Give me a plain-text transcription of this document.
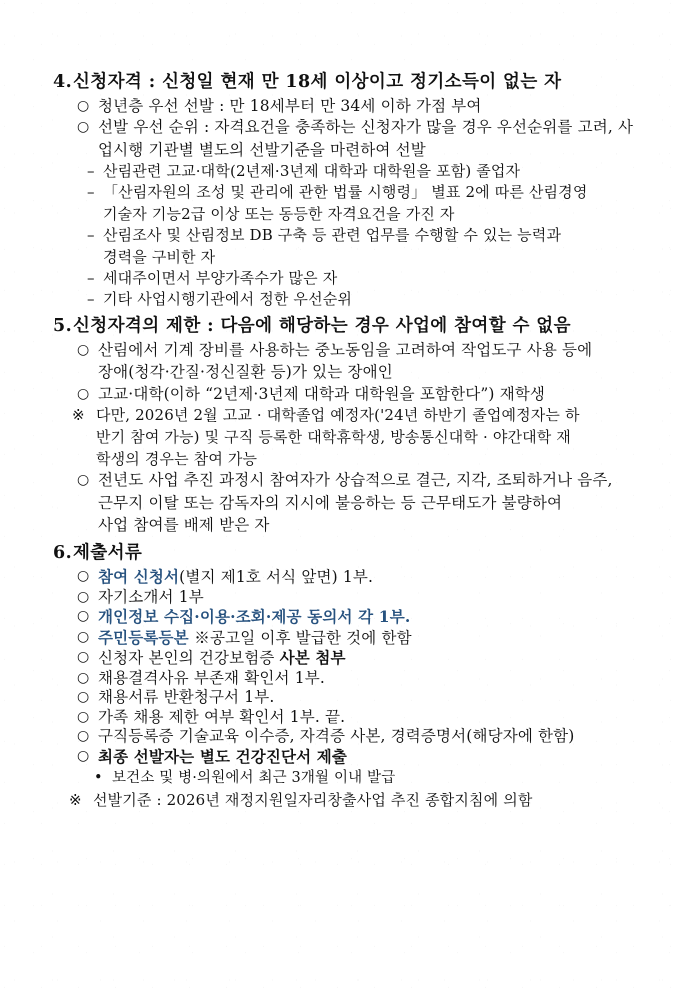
4. 신청자격 : 신청일 현재 만 18세 이상이고 정기소득이 없는 자
○ 청년층 우선 선발 : 만 18세부터 만 34세 이하 가점 부여
○ 선발 우선 순위 : 자격요건을 충족하는 신청자가 많을 경우 우선순위를 고려, 사
업시행 기관별 별도의 선발기준을 마련하여 선발
– 산림관련 고교·대학(2년제·3년제 대학과 대학원을 포함) 졸업자
– 「산림자원의 조성 및 관리에 관한 법률 시행령」 별표 2에 따른 산림경영
기술자 기능2급 이상 또는 동등한 자격요건을 가진 자
– 산림조사 및 산림정보 DB 구축 등 관련 업무를 수행할 수 있는 능력과
경력을 구비한 자
– 세대주이면서 부양가족수가 많은 자
– 기타 사업시행기관에서 정한 우선순위
5. 신청자격의 제한 : 다음에 해당하는 경우 사업에 참여할 수 없음
○ 산림에서 기계 장비를 사용하는 중노동임을 고려하여 작업도구 사용 등에
장애(청각·간질·정신질환 등)가 있는 장애인
○ 고교·대학(이하 “2년제·3년제 대학과 대학원을 포함한다”) 재학생
※ 다만, 2026년 2월 고교 · 대학졸업 예정자('24년 하반기 졸업예정자는 하
반기 참여 가능) 및 구직 등록한 대학휴학생, 방송통신대학 · 야간대학 재
학생의 경우는 참여 가능
○ 전년도 사업 추진 과정시 참여자가 상습적으로 결근, 지각, 조퇴하거나 음주,
근무지 이탈 또는 감독자의 지시에 불응하는 등 근무태도가 불량하여
사업 참여를 배제 받은 자
6. 제출서류
○ 참여 신청서(별지 제1호 서식 앞면) 1부.
○ 자기소개서 1부
○ 개인정보 수집·이용·조회·제공 동의서 각 1부.
○ 주민등록등본 ※공고일 이후 발급한 것에 한함
○ 신청자 본인의 건강보험증 사본 첨부
○ 채용결격사유 부존재 확인서 1부.
○ 채용서류 반환청구서 1부.
○ 가족 채용 제한 여부 확인서 1부. 끝.
○ 구직등록증 기술교육 이수증, 자격증 사본, 경력증명서(해당자에 한함)
○ 최종 선발자는 별도 건강진단서 제출
• 보건소 및 병·의원에서 최근 3개월 이내 발급
※ 선발기준 : 2026년 재정지원일자리창출사업 추진 종합지침에 의함
